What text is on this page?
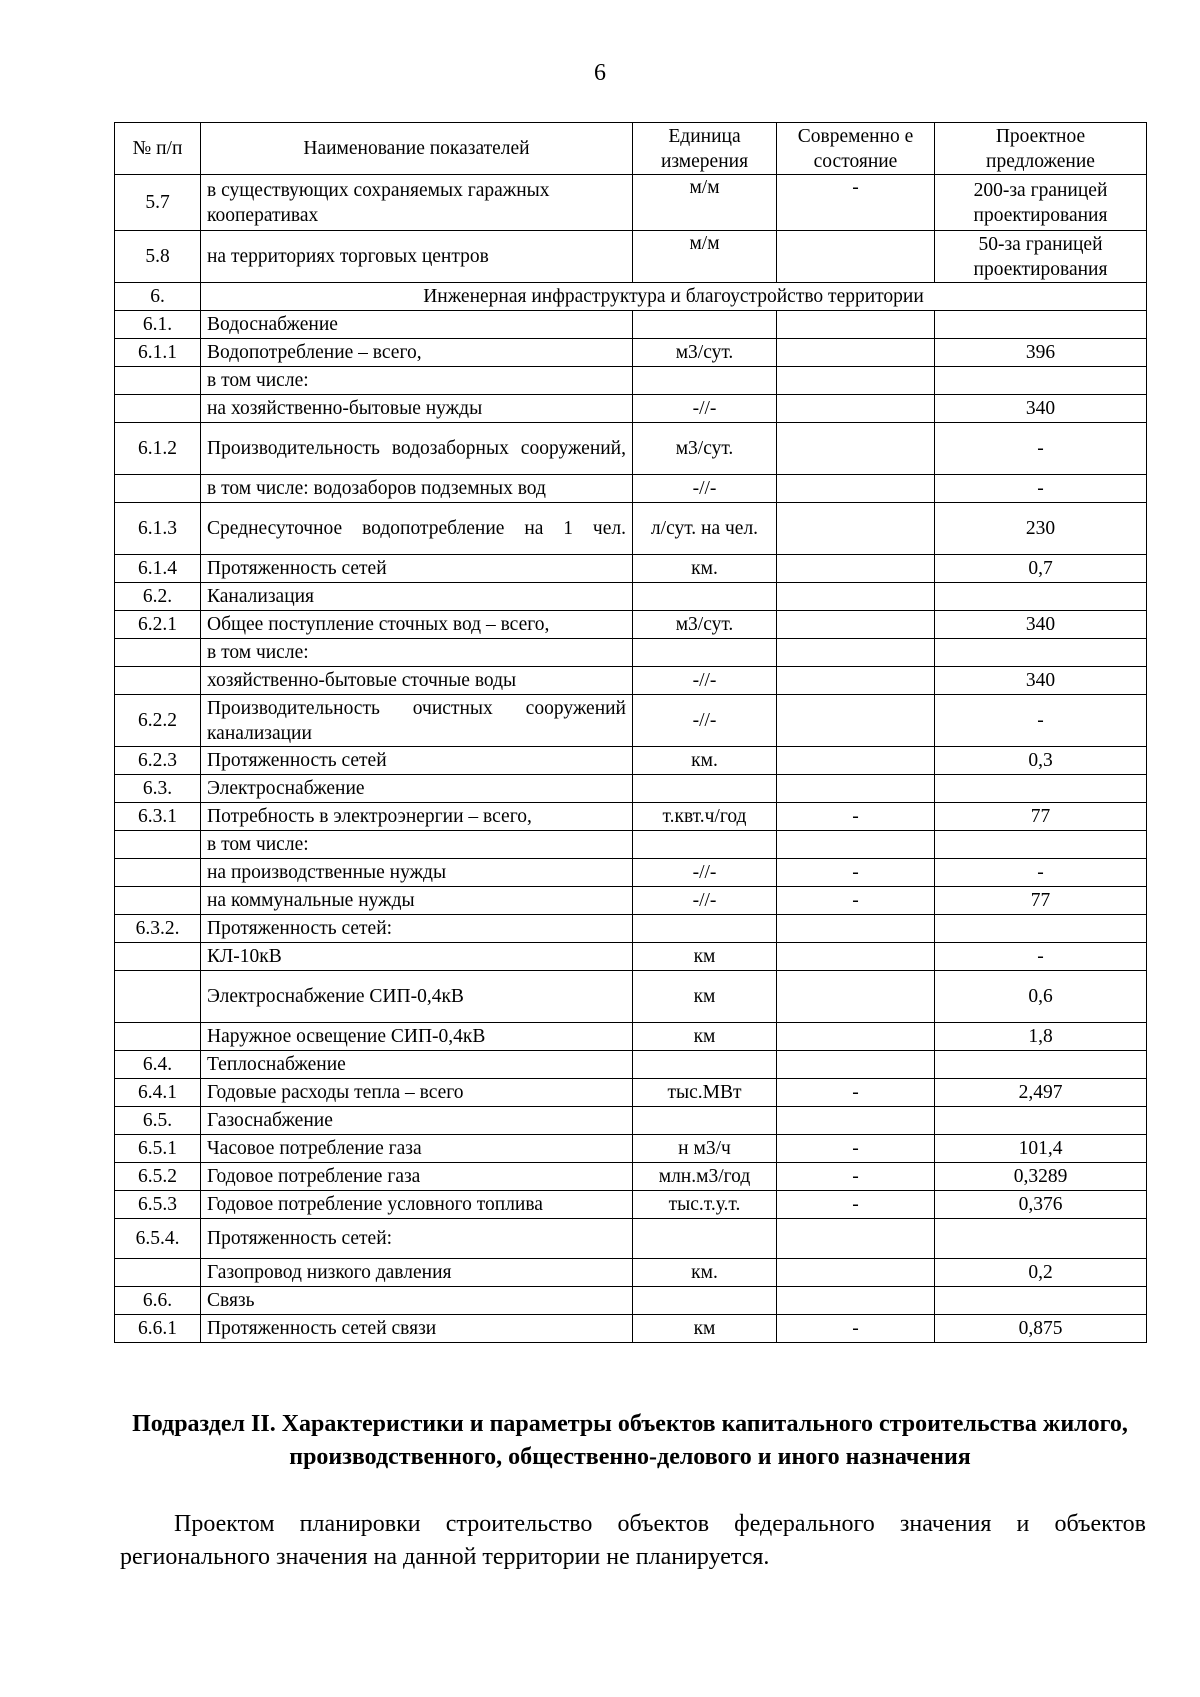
6
№ п/п	Наименование показателей	Единица измерения	Современно е состояние	Проектное предложение
5.7	в существующих сохраняемых гаражных кооперативах	м/м	-	200-за границей проектирования
5.8	на территориях торговых центров	м/м		50-за границей проектирования
6.	Инженерная инфраструктура и благоустройство территории			
6.1.	Водоснабжение			
6.1.1	Водопотребление – всего,	м3/сут.		396
	в том числе:			
	на хозяйственно-бытовые нужды	-//-		340
6.1.2	Производительность водозаборных сооружений,	м3/сут.		-
	в том числе: водозаборов подземных вод	-//-		-
6.1.3	Среднесуточное водопотребление на 1 чел.	л/сут. на чел.		230
6.1.4	Протяженность сетей	км.		0,7
6.2.	Канализация			
6.2.1	Общее поступление сточных вод – всего,	м3/сут.		340
	в том числе:			
	хозяйственно-бытовые сточные воды	-//-		340
6.2.2	Производительность очистных сооружений канализации	-//-		-
6.2.3	Протяженность сетей	км.		0,3
6.3.	Электроснабжение			
6.3.1	Потребность в электроэнергии – всего,	т.квт.ч/год	-	77
	в том числе:			
	на производственные нужды	-//-	-	-
	на коммунальные нужды	-//-	-	77
6.3.2.	Протяженность сетей:			
	КЛ-10кВ	км		-
	Электроснабжение СИП-0,4кВ	км		0,6
	Наружное освещение СИП-0,4кВ	км		1,8
6.4.	Теплоснабжение			
6.4.1	Годовые расходы тепла – всего	тыс.МВт	-	2,497
6.5.	Газоснабжение			
6.5.1	Часовое потребление газа	н м3/ч	-	101,4
6.5.2	Годовое потребление газа	млн.м3/год	-	0,3289
6.5.3	Годовое потребление условного топлива	тыс.т.у.т.	-	0,376
6.5.4.	Протяженность сетей:			
	Газопровод низкого давления	км.		0,2
6.6.	Связь			
6.6.1	Протяженность сетей связи	км	-	0,875
Подраздел II. Характеристики и параметры объектов капитального строительства жилого, производственного, общественно-делового и иного назначения
Проектом планировки строительство объектов федерального значения и объектов регионального значения на данной территории не планируется.
